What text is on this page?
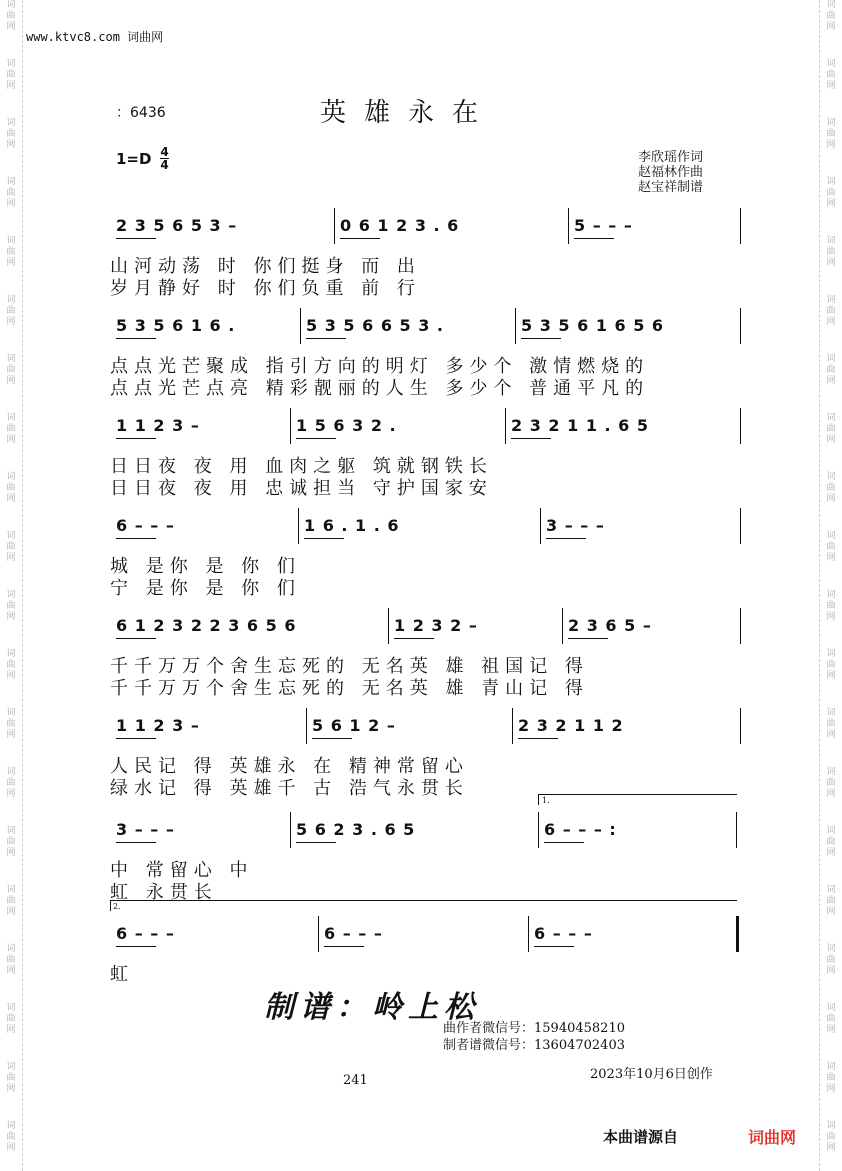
词
曲
网
词
曲
网
词
曲
网
词
曲
网
词
曲
网
词
曲
网
词
曲
网
词
曲
网
词
曲
网
词
曲
网
词
曲
网
词
曲
网
词
曲
网
词
曲
网
词
曲
网
词
曲
网
词
曲
网
词
曲
网
词
曲
网
词
曲
网
词
曲
网
词
曲
网
词
曲
网
词
曲
网
词
曲
网
词
曲
网
词
曲
网
词
曲
网
词
曲
网
词
曲
网
词
曲
网
词
曲
网
词
曲
网
词
曲
网
词
曲
网
词
曲
网
词
曲
网
词
曲
网
词
曲
网
词
曲
网
www.ktvc8.com 词曲网
：6436	英雄永在
1=D 4
4	李欣瑶作词
赵福林作曲
赵宝祥制谱
2 3 5 6 5 3 –	0 6 1 2 3 . 6	5 – – –
山河动荡 时 你们挺身 而 出
岁月静好 时 你们负重 前 行
5 3 5 6 1 6 .	5 3 5 6 6 5 3 .	5 3 5 6 1 6 5 6
点点光芒聚成 指引方向的明灯 多少个 激情燃烧的
点点光芒点亮 精彩靓丽的人生 多少个 普通平凡的
1 1 2 3 –	1 5 6 3 2 .	2 3 2 1 1 . 6 5
日日夜 夜 用 血肉之躯 筑就钢铁长
日日夜 夜 用 忠诚担当 守护国家安
6 – – –	1 6 . 1 . 6	3 – – –
城 是你 是 你 们
宁 是你 是 你 们
6 1 2 3 2 2 3 6 5 6	1 2 3 2 –	2 3 6 5 –
千千万万个舍生忘死的 无名英 雄 祖国记 得
千千万万个舍生忘死的 无名英 雄 青山记 得
1 1 2 3 –	5 6 1 2 –	2 3 2 1 1 2
人民记 得 英雄永 在 精神常留心
绿水记 得 英雄千 古 浩气永贯长
1.
3 – – –	5 6 2 3 . 6 5	6 – – – :
中 常留心 中
虹 永贯长
2.
6 – – –	6 – – –	6 – – –
虹
制谱：岭上松
曲作者微信号：15940458210
制者谱微信号：13604702403
241	2023年10月6日创作
本曲谱源自	词曲网
